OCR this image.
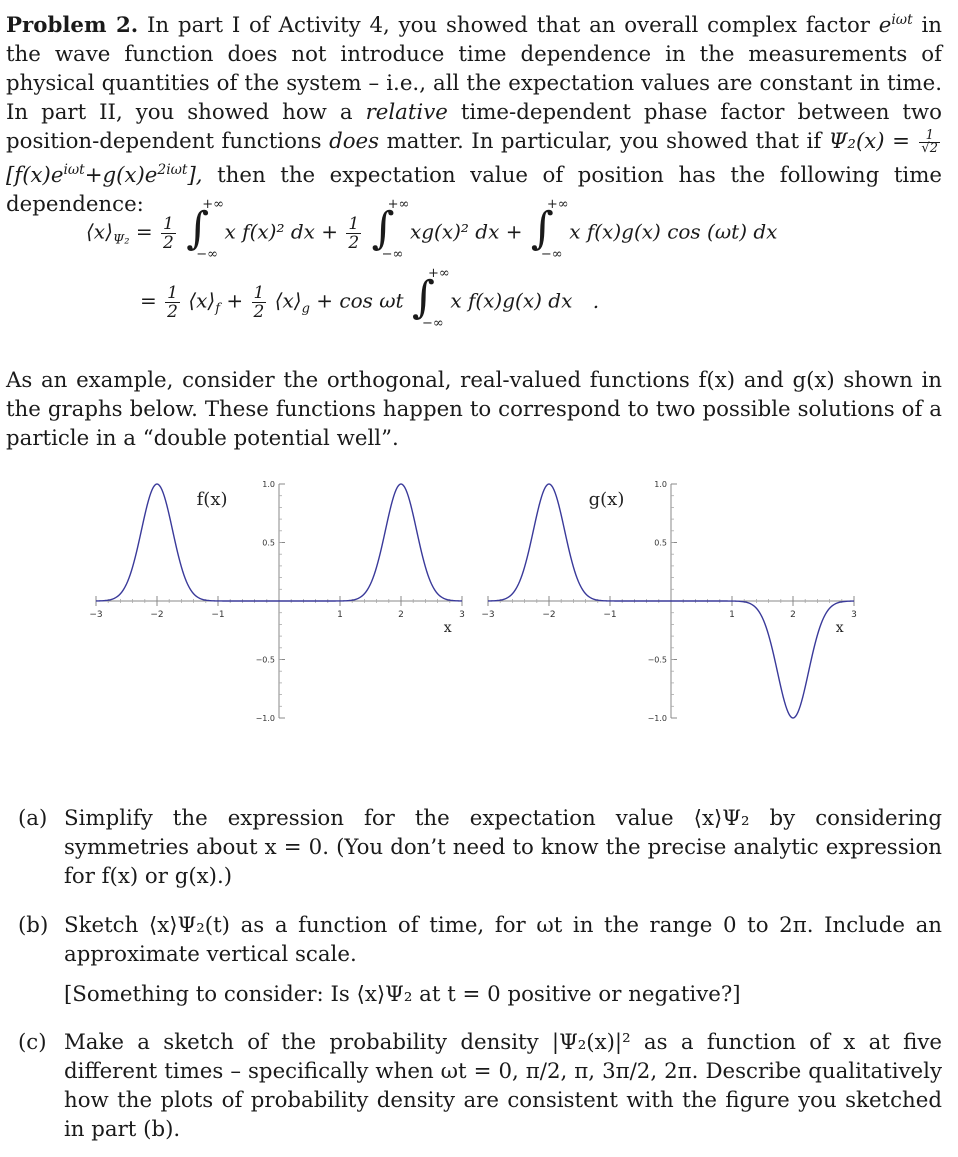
Problem 2. In part I of Activity 4, you showed that an overall complex factor $e^{i\omega t}$ in the wave function does not introduce time dependence in the measurements of physical quantities of the system – i.e., all the expectation values are constant in time. In part II, you showed how a relative time-dependent phase factor between two position-dependent functions does matter. In particular, you showed that if $\Psi_2(x) = \frac{1}{√2}$
$[f(x)e^{i\omega t}+g(x)e^{2i\omega t}]$, then the expectation value of position has the following time dependence:
$⟨x⟩_{\Psi_2} = \frac{1}{2}$
∫
+∞
−∞
x f(x)² dx + $\frac{1}{2}$
∫
+∞
−∞
xg(x)² dx + ∫
+∞
−∞
x f(x)g(x) cos (ωt) dx
= $\frac{1}{2}$ $⟨x⟩_f + \frac{1}{2}$ $⟨x⟩_g + \cos \omega t$ ∫
+∞
−∞
x f(x)g(x) dx .
As an example, consider the orthogonal, real-valued functions f(x) and g(x) shown in the graphs below. These functions happen to correspond to two possible solutions of a particle in a “double potential well”.
−3	−2	−1	1	2	3
1.0
0.5
−0.5
−1.0
f(x)
x
−3	−2	−1	1	2	3
1.0
0.5
−0.5
−1.0
g(x)
x
(a) Simplify the expression for the expectation value ⟨x⟩Ψ₂ by considering symmetries about x = 0. (You don’t need to know the precise analytic expression for f(x) or g(x).)
(b) Sketch ⟨x⟩Ψ₂(t) as a function of time, for ωt in the range 0 to 2π. Include an approximate vertical scale.
[Something to consider: Is ⟨x⟩Ψ₂ at t = 0 positive or negative?]
(c) Make a sketch of the probability density |Ψ₂(x)|² as a function of x at five different times – specifically when ωt = 0, π/2, π, 3π/2, 2π. Describe qualitatively how the plots of probability density are consistent with the figure you sketched in part (b).
